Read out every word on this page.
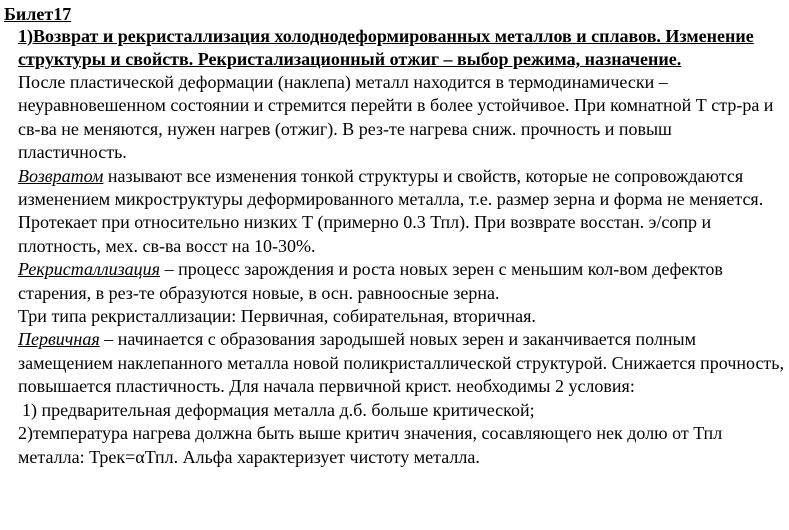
Билет17

1)Возврат и рекристаллизация холоднодеформированных металлов и сплавов. Изменение структуры и свойств. Рекристализационный отжиг – выбор режима, назначение.

После пластической деформации (наклепа) металл находится в термодинамически – неуравновешенном состоянии и стремится перейти в более устойчивое. При комнатной Т стр-ра и св-ва не меняются, нужен нагрев (отжиг). В рез-те нагрева сниж. прочность и повыш пластичность.

Возвратом называют все изменения тонкой структуры и свойств, которые не сопровождаются изменением микроструктуры деформированного металла, т.е. размер зерна и форма не меняется. Протекает при относительно низких Т (примерно 0.3 Тпл). При возврате восстан. э/сопр и плотность, мех. св-ва восст на 10-30%.

Рекристаллизация – процесс зарождения и роста новых зерен с меньшим кол-вом дефектов старения, в рез-те образуются новые, в осн. равноосные зерна.

Три типа рекристаллизации: Первичная, собирательная, вторичная.

Первичная – начинается с образования зародышей новых зерен и заканчивается полным замещением наклепанного металла новой поликристаллической структурой. Снижается прочность, повышается пластичность. Для начала первичной крист. необходимы 2 условия:

1) предварительная деформация металла д.б. больше критической;

2)температура нагрева должна быть выше критич значения, сосавляющего нек долю от Тпл металла: Трек=αТпл. Альфа характеризует чистоту металла.
